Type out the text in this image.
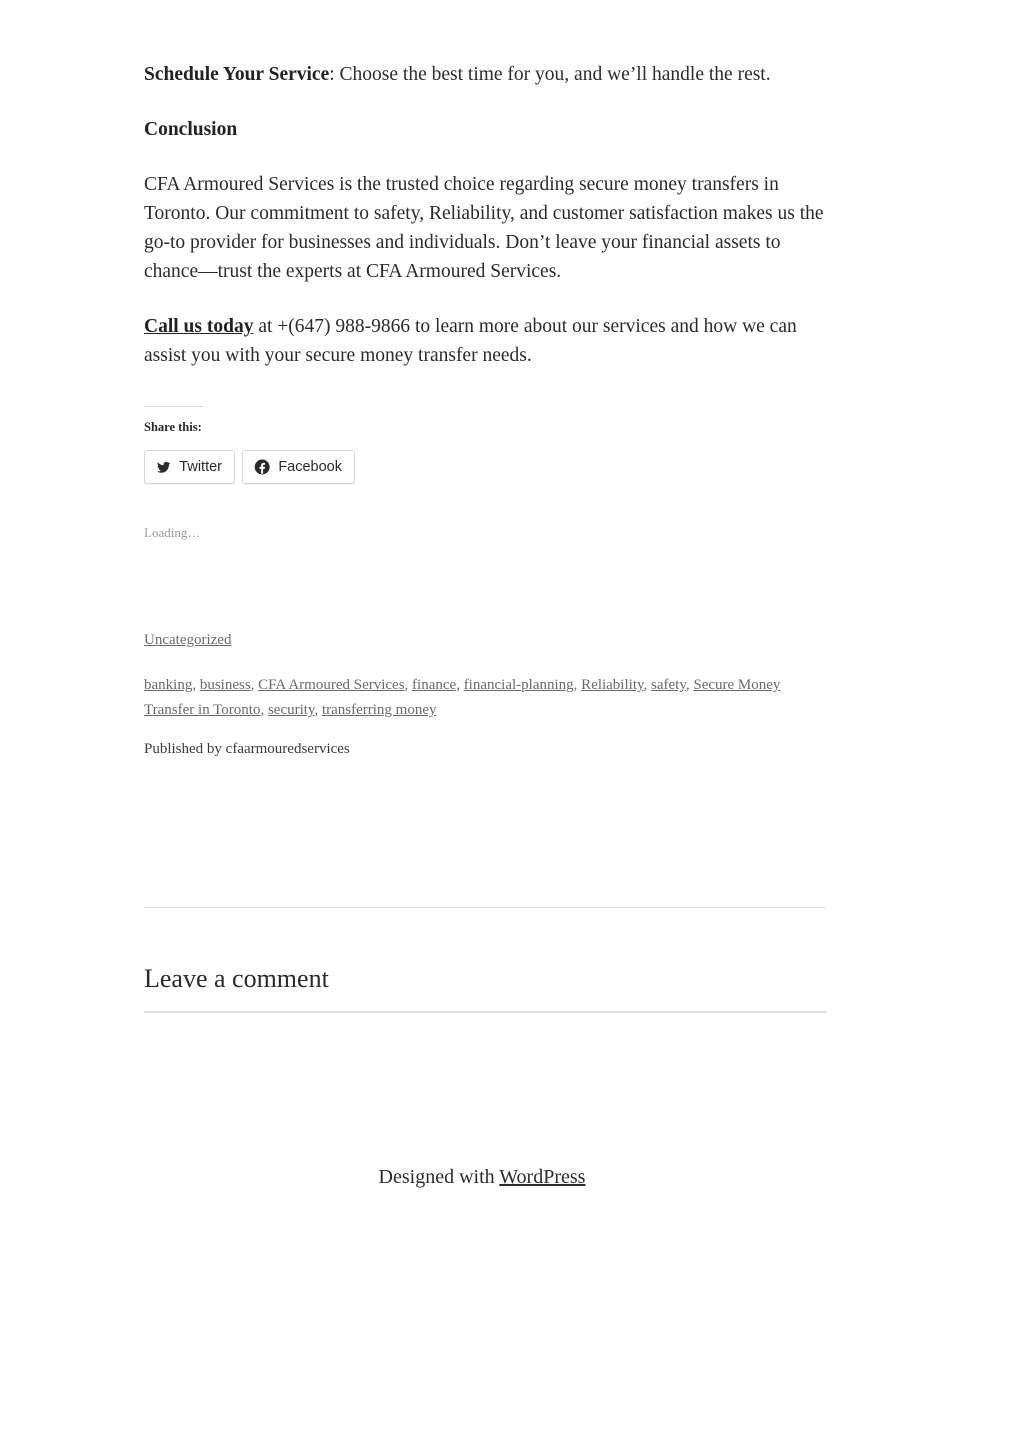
Schedule Your Service: Choose the best time for you, and we’ll handle the rest.

Conclusion

CFA Armoured Services is the trusted choice regarding secure money transfers in Toronto. Our commitment to safety, Reliability, and customer satisfaction makes us the go-to provider for businesses and individuals. Don’t leave your financial assets to chance—trust the experts at CFA Armoured Services.

Call us today at +(647) 988-9866 to learn more about our services and how we can assist you with your secure money transfer needs.

Share this:
Twitter	Facebook
Loading…
Uncategorized
banking, business, CFA Armoured Services, finance, financial-planning, Reliability, safety, Secure Money Transfer in Toronto, security, transferring money
Published by cfaarmouredservices
Leave a comment
Designed with WordPress
